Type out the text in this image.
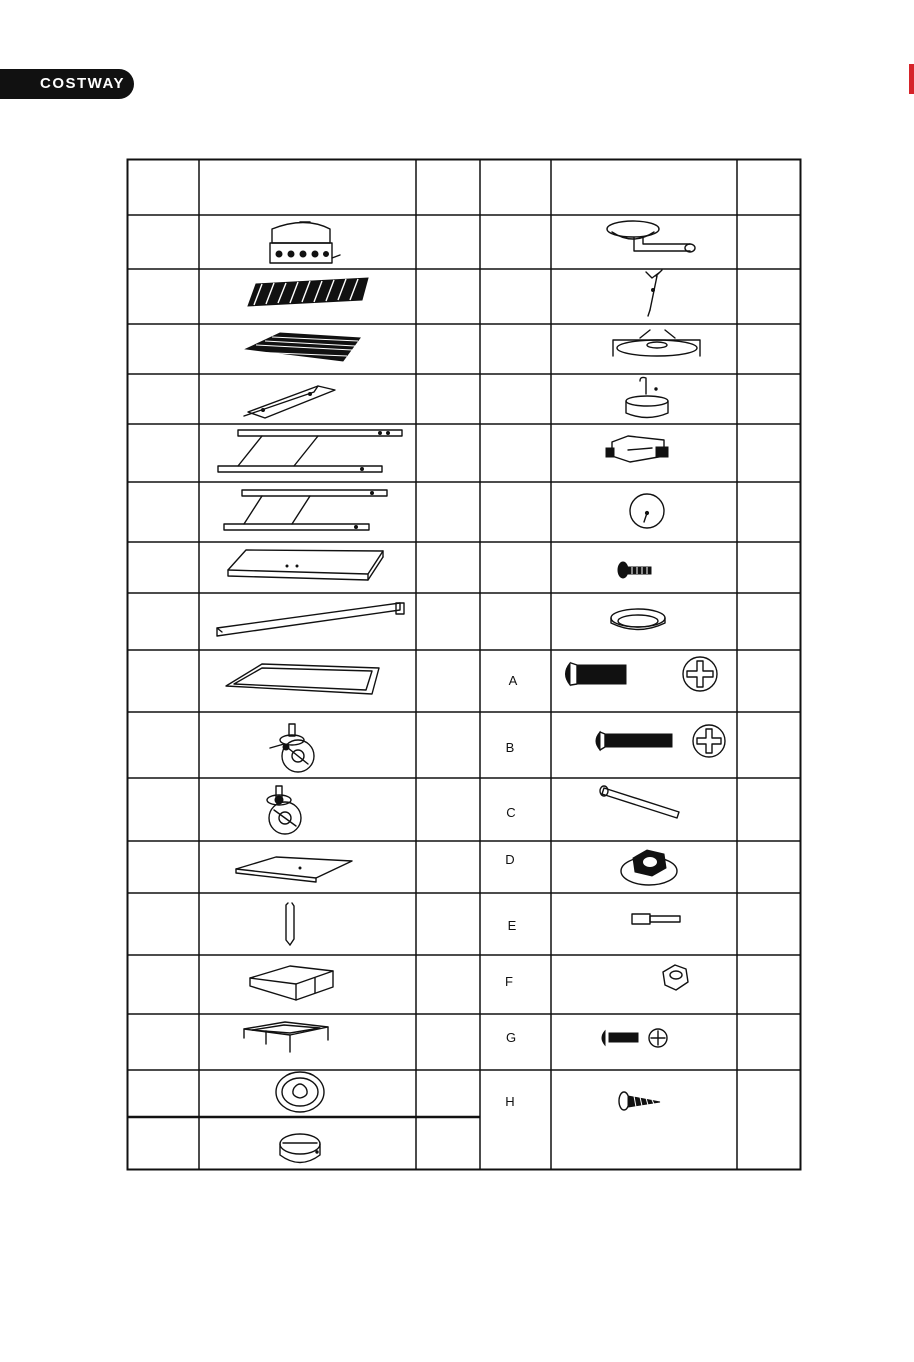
COSTWAY
A
B
C
D
E
F
G
H
